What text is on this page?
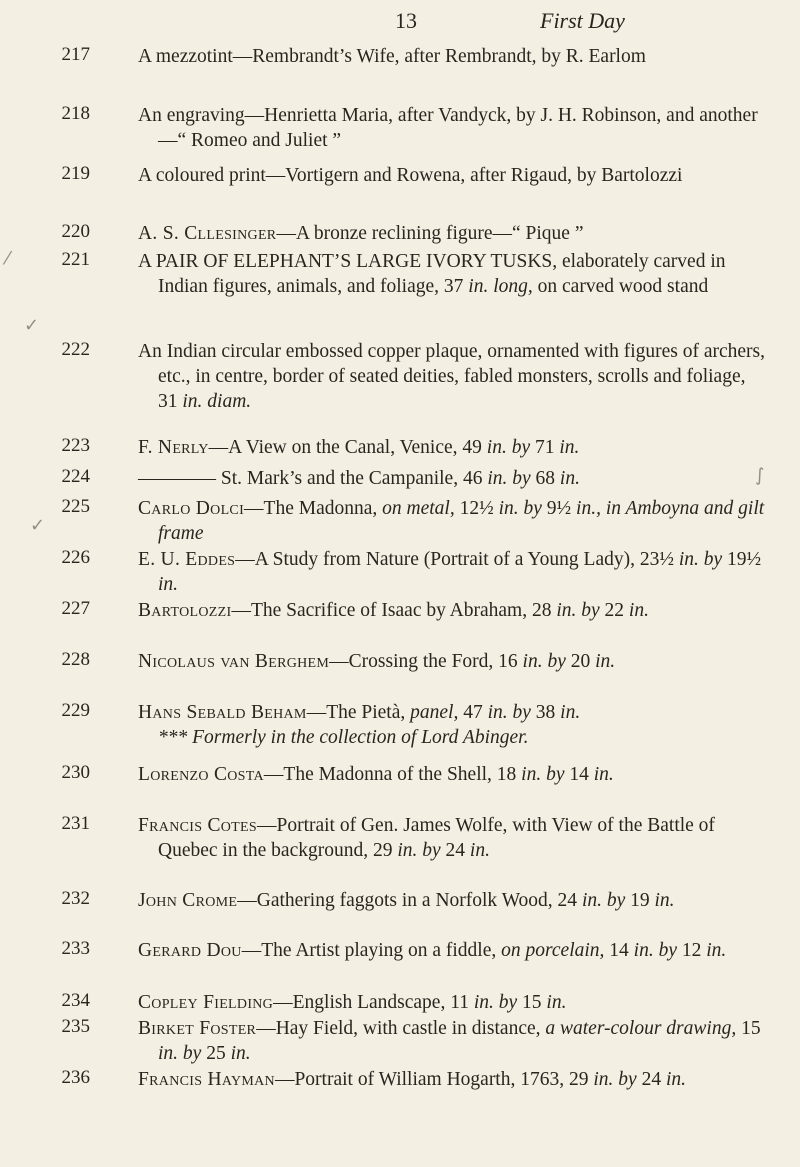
13	First Day
217 A mezzotint—Rembrandt’s Wife, after Rembrandt, by R. Earlom
218 An engraving—Henrietta Maria, after Vandyck, by J. H. Robinson, and another—“ Romeo and Juliet ”
219 A coloured print—Vortigern and Rowena, after Rigaud, by Bartolozzi
220 A. S. Cllesinger—A bronze reclining figure—“ Pique ”
221 A PAIR OF ELEPHANT’S LARGE IVORY TUSKS, elaborately carved in Indian figures, animals, and foliage, 37 in. long, on carved wood stand
222 An Indian circular embossed copper plaque, ornamented with figures of archers, etc., in centre, border of seated deities, fabled monsters, scrolls and foliage, 31 in. diam.
223 F. Nerly—A View on the Canal, Venice, 49 in. by 71 in.
224 ———— St. Mark’s and the Campanile, 46 in. by 68 in.
225 Carlo Dolci—The Madonna, on metal, 12½ in. by 9½ in., in Amboyna and gilt frame
226 E. U. Eddes—A Study from Nature (Portrait of a Young Lady), 23½ in. by 19½ in.
227 Bartolozzi—The Sacrifice of Isaac by Abraham, 28 in. by 22 in.
228 Nicolaus van Berghem—Crossing the Ford, 16 in. by 20 in.
229 Hans Sebald Beham—The Pietà, panel, 47 in. by 38 in.
*** Formerly in the collection of Lord Abinger.
230 Lorenzo Costa—The Madonna of the Shell, 18 in. by 14 in.
231 Francis Cotes—Portrait of Gen. James Wolfe, with View of the Battle of Quebec in the background, 29 in. by 24 in.
232 John Crome—Gathering faggots in a Norfolk Wood, 24 in. by 19 in.
233 Gerard Dou—The Artist playing on a fiddle, on porcelain, 14 in. by 12 in.
234 Copley Fielding—English Landscape, 11 in. by 15 in.
235 Birket Foster—Hay Field, with castle in distance, a water-colour drawing, 15 in. by 25 in.
236 Francis Hayman—Portrait of William Hogarth, 1763, 29 in. by 24 in.
⁄
✓
✓
∫
